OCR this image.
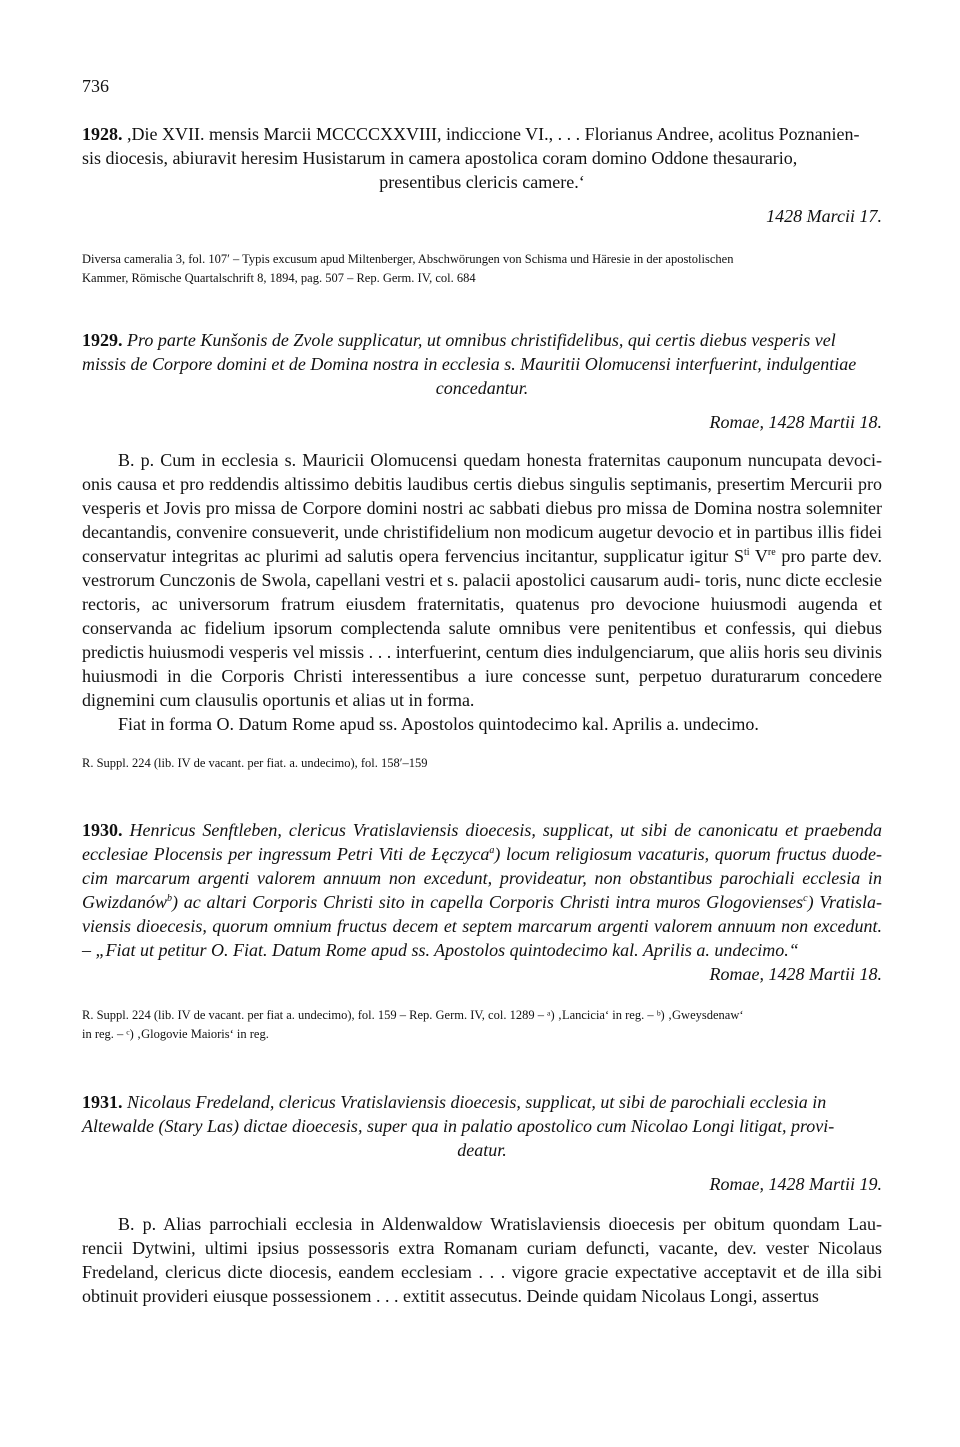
736
1928. ,Die XVII. mensis Marcii MCCCCXXVIII, indiccione VI., . . . Florianus Andree, acolitus Poznanien-
sis diocesis, abiuravit heresim Husistarum in camera apostolica coram domino Oddone thesaurario,
presentibus clericis camere.‘
1428 Marcii 17.
Diversa cameralia 3, fol. 107′ – Typis excusum apud Miltenberger, Abschwörungen von Schisma und Häresie in der apostolischen
Kammer, Römische Quartalschrift 8, 1894, pag. 507 – Rep. Germ. IV, col. 684
1929. Pro parte Kunšonis de Zvole supplicatur, ut omnibus christifidelibus, qui certis diebus vesperis vel
missis de Corpore domini et de Domina nostra in ecclesia s. Mauritii Olomucensi interfuerint, indulgentiae
concedantur.
Romae, 1428 Martii 18.
B. p. Cum in ecclesia s. Mauricii Olomucensi quedam honesta fraternitas cauponum nuncupata devoci- onis causa et pro reddendis altissimo debitis laudibus certis diebus singulis septimanis, presertim Mercurii pro vesperis et Jovis pro missa de Corpore domini nostri ac sabbati diebus pro missa de Domina nostra solemniter decantandis, convenire consueverit, unde christifidelium non modicum augetur devocio et in partibus illis fidei conservatur integritas ac plurimi ad salutis opera fervencius incitantur, supplicatur igitur $S^{ti}$ Vre pro parte dev. vestrorum Cunczonis de Swola, capellani vestri et s. palacii apostolici causarum audi- toris, nunc dicte ecclesie rectoris, ac universorum fratrum eiusdem fraternitatis, quatenus pro devocione huiusmodi augenda et conservanda ac fidelium ipsorum complectenda salute omnibus vere penitentibus et confessis, qui diebus predictis huiusmodi vesperis vel missis . . . interfuerint, centum dies indulgenciarum, que aliis horis seu divinis huiusmodi in die Corporis Christi interessentibus a iure concesse sunt, perpetuo duraturarum concedere dignemini cum clausulis oportunis et alias ut in forma.
Fiat in forma O. Datum Rome apud ss. Apostolos quintodecimo kal. Aprilis a. undecimo.
R. Suppl. 224 (lib. IV de vacant. per fiat. a. undecimo), fol. 158′–159
1930. Henricus Senftleben, clericus Vratislaviensis dioecesis, supplicat, ut sibi de canonicatu et praebenda ecclesiae Plocensis per ingressum Petri Viti de Łęczyca$^a$) locum religiosum vacaturis, quorum fructus duode- cim marcarum argenti valorem annuum non excedunt, provideatur, non obstantibus parochiali ecclesia in Gwizdanów$^b$) ac altari Corporis Christi sito in capella Corporis Christi intra muros Glogovienses$^c$) Vratisla- viensis dioecesis, quorum omnium fructus decem et septem marcarum argenti valorem annuum non excedunt. – „Fiat ut petitur O. Fiat. Datum Rome apud ss. Apostolos quintodecimo kal. Aprilis a. undecimo.“
Romae, 1428 Martii 18.
R. Suppl. 224 (lib. IV de vacant. per fiat a. undecimo), fol. 159 – Rep. Germ. IV, col. 1289 – ᵃ) ‚Lancicia‘ in reg. – ᵇ) ‚Gweysdenaw‘
in reg. – ᶜ) ‚Glogovie Maioris‘ in reg.
1931. Nicolaus Fredeland, clericus Vratislaviensis dioecesis, supplicat, ut sibi de parochiali ecclesia in
Altewalde (Stary Las) dictae dioecesis, super qua in palatio apostolico cum Nicolao Longi litigat, provi-
deatur.
Romae, 1428 Martii 19.
B. p. Alias parrochiali ecclesia in Aldenwaldow Wratislaviensis dioecesis per obitum quondam Lau- rencii Dytwini, ultimi ipsius possessoris extra Romanam curiam defuncti, vacante, dev. vester Nicolaus Fredeland, clericus dicte diocesis, eandem ecclesiam . . . vigore gracie expectative acceptavit et de illa sibi obtinuit provideri eiusque possessionem . . . extitit assecutus. Deinde quidam Nicolaus Longi, assertus
